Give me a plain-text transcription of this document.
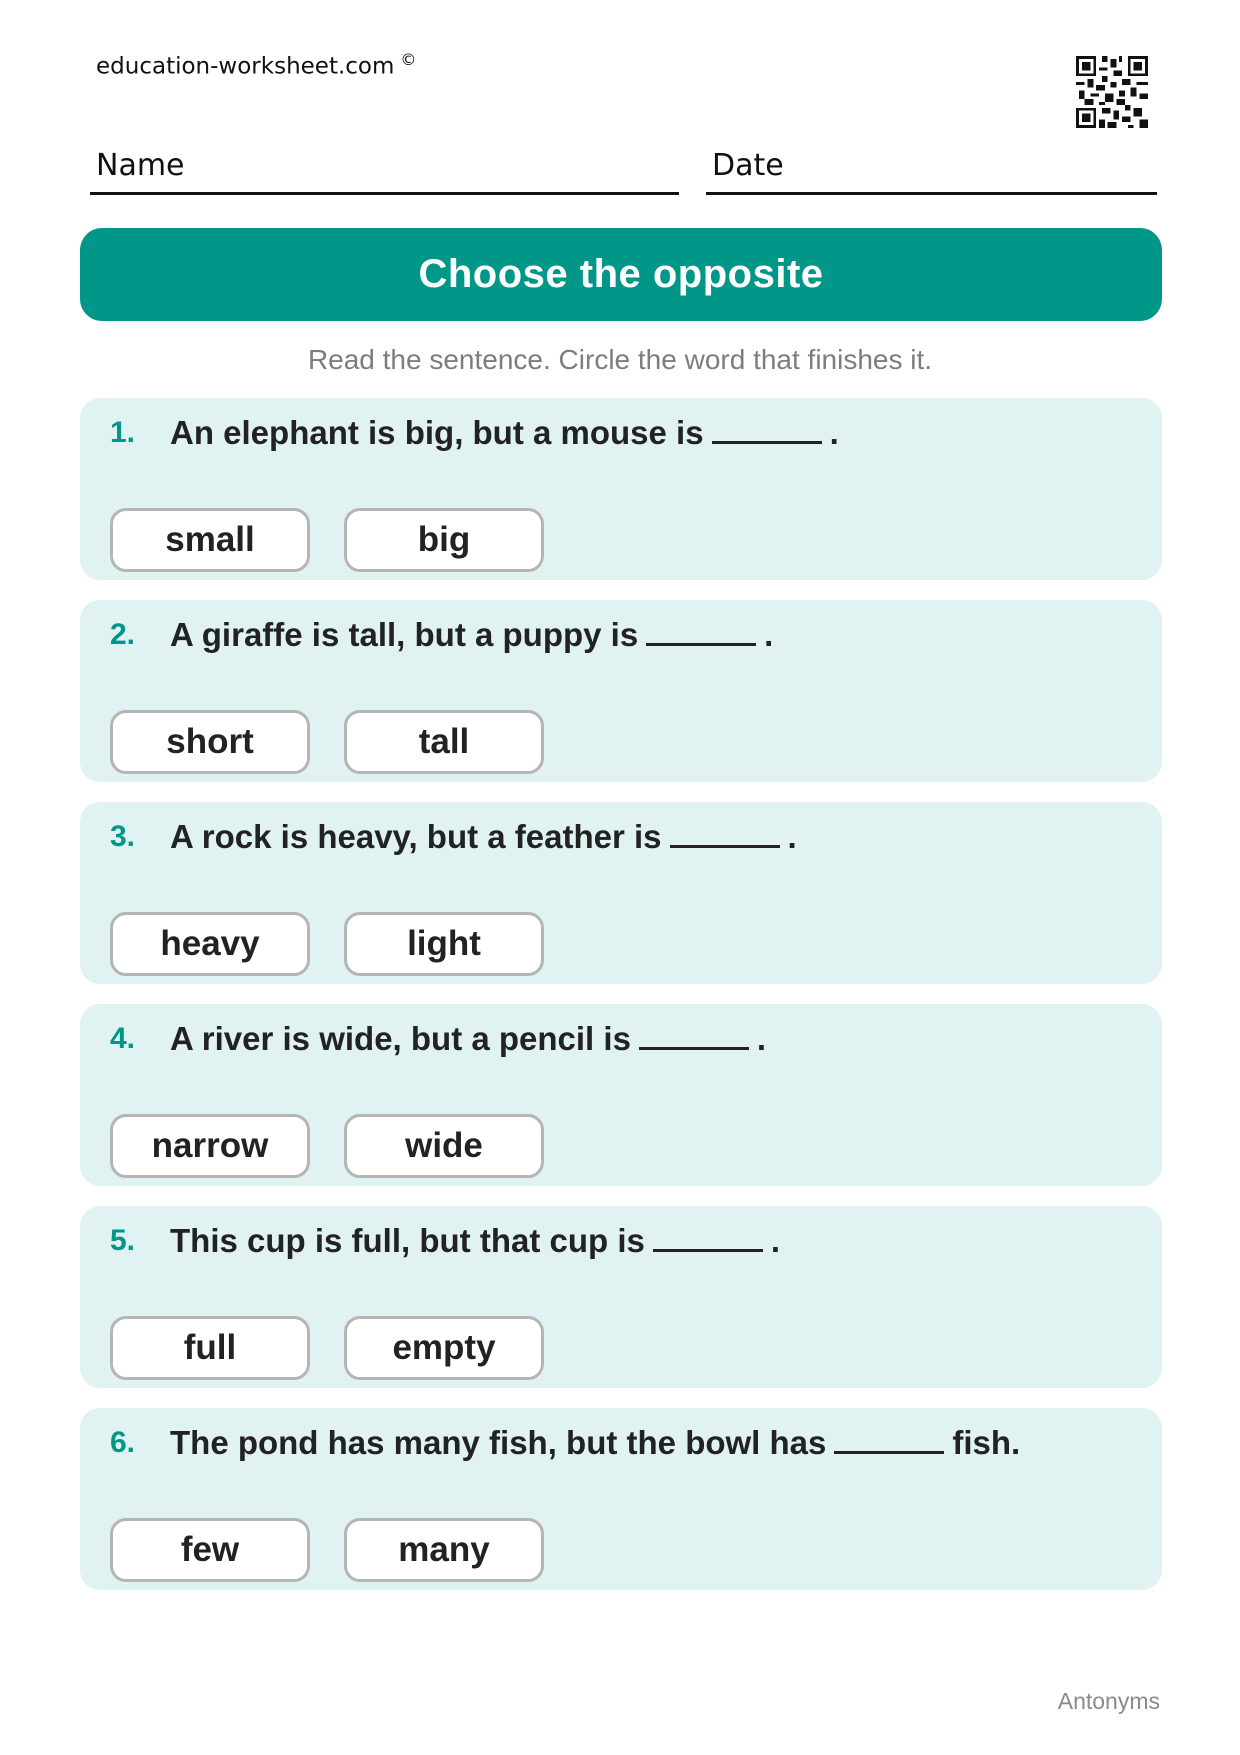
education-worksheet.com ©
Name	Date
Choose the opposite
Read the sentence. Circle the word that finishes it.
1. An elephant is big, but a mouse is	.
small	big
2. A giraffe is tall, but a puppy is	.
short	tall
3. A rock is heavy, but a feather is	.
heavy	light
4. A river is wide, but a pencil is	.
narrow	wide
5. This cup is full, but that cup is	.
full	empty
6. The pond has many fish, but the bowl has	fish.
few	many
Antonyms
